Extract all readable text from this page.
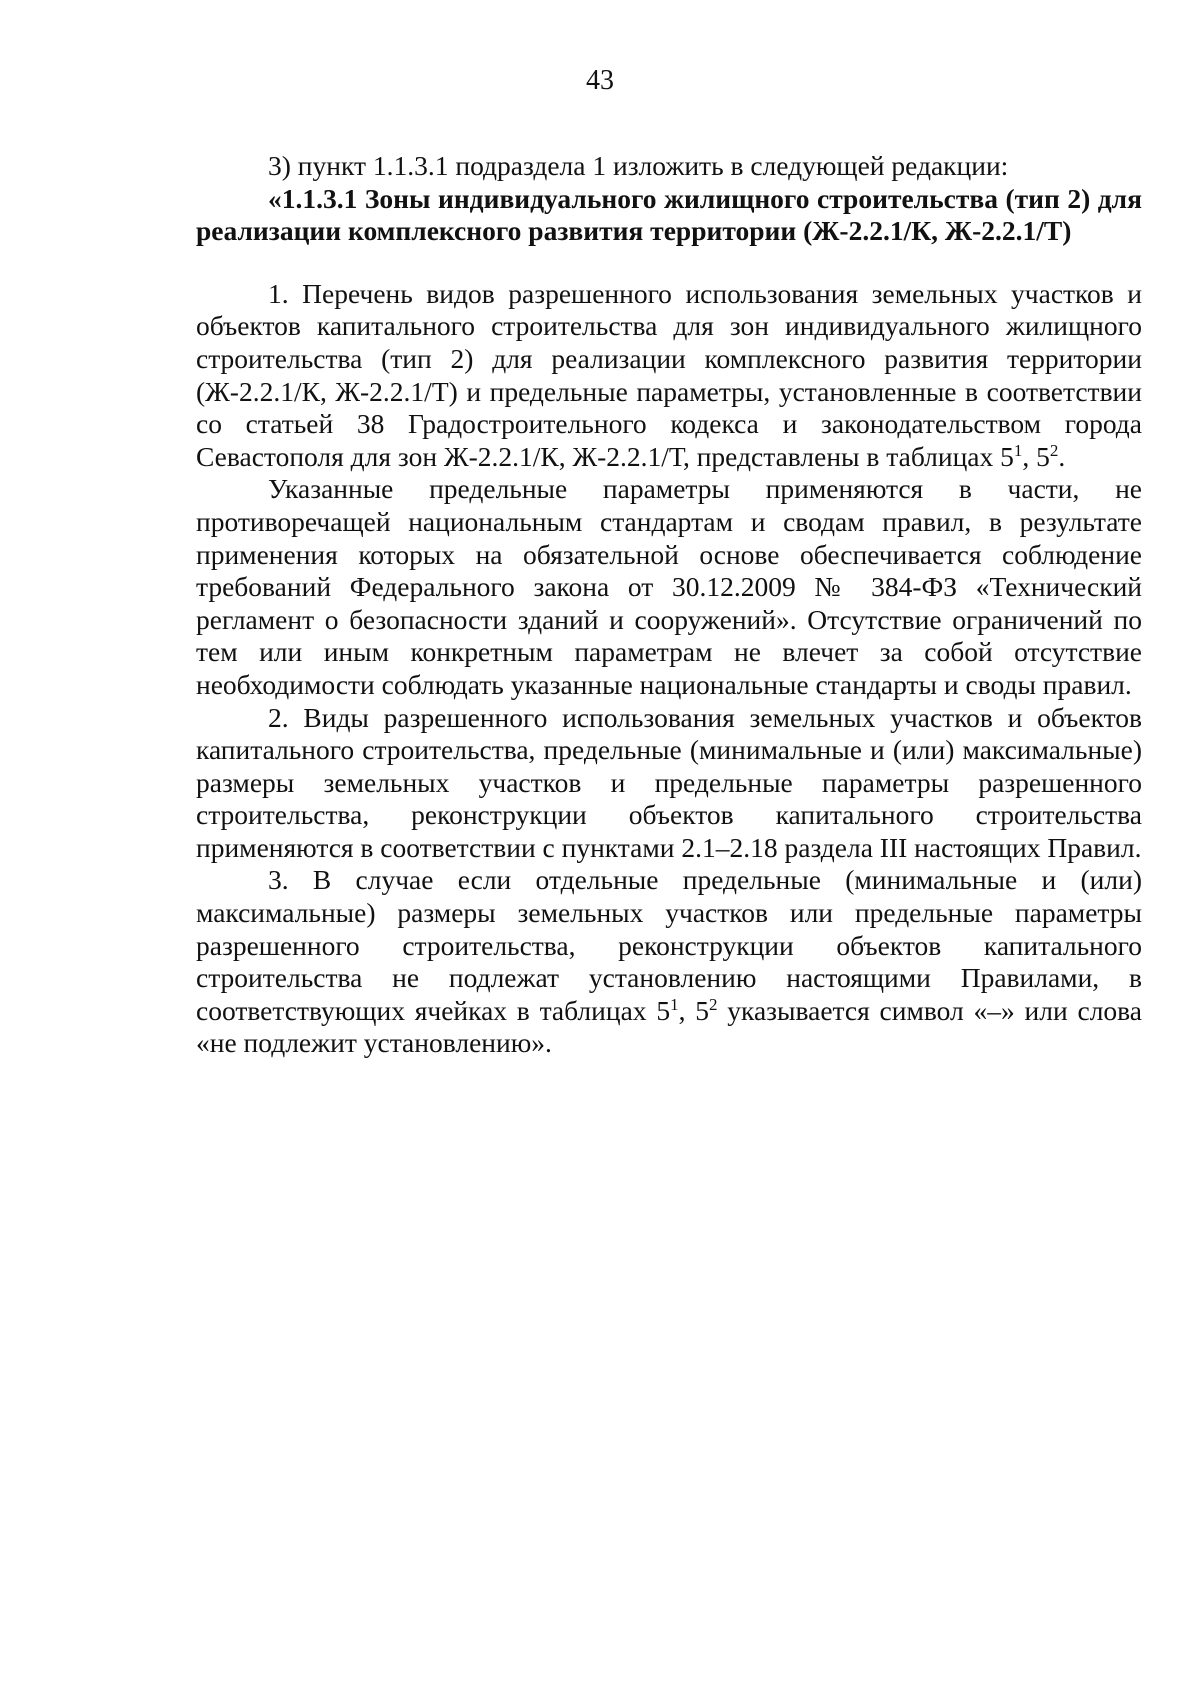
43

3) пункт 1.1.3.1 подраздела 1 изложить в следующей редакции:

«1.1.3.1 Зоны индивидуального жилищного строительства (тип 2) для реализации комплексного развития территории (Ж-2.2.1/К, Ж-2.2.1/Т)

1. Перечень видов разрешенного использования земельных участков и объектов капитального строительства для зон индивидуального жилищного строительства (тип 2) для реализации комплексного развития территории (Ж-2.2.1/К, Ж-2.2.1/Т) и предельные параметры, установленные в соответствии со статьей 38 Градостроительного кодекса и законодательством города Севастополя для зон Ж-2.2.1/К, Ж-2.2.1/Т, представлены в таблицах $5^1$, $5^2$.

Указанные предельные параметры применяются в части, не противоречащей национальным стандартам и сводам правил, в результате применения которых на обязательной основе обеспечивается соблюдение требований Федерального закона от 30.12.2009 № 384-ФЗ «Технический регламент о безопасности зданий и сооружений». Отсутствие ограничений по тем или иным конкретным параметрам не влечет за собой отсутствие необходимости соблюдать указанные национальные стандарты и своды правил.

2. Виды разрешенного использования земельных участков и объектов капитального строительства, предельные (минимальные и (или) максимальные) размеры земельных участков и предельные параметры разрешенного строительства, реконструкции объектов капитального строительства применяются в соответствии с пунктами 2.1–2.18 раздела III настоящих Правил.

3. В случае если отдельные предельные (минимальные и (или) максимальные) размеры земельных участков или предельные параметры разрешенного строительства, реконструкции объектов капитального строительства не подлежат установлению настоящими Правилами, в соответствующих ячейках в таблицах $5^1$, $5^2$ указывается символ «–» или слова «не подлежит установлению».
